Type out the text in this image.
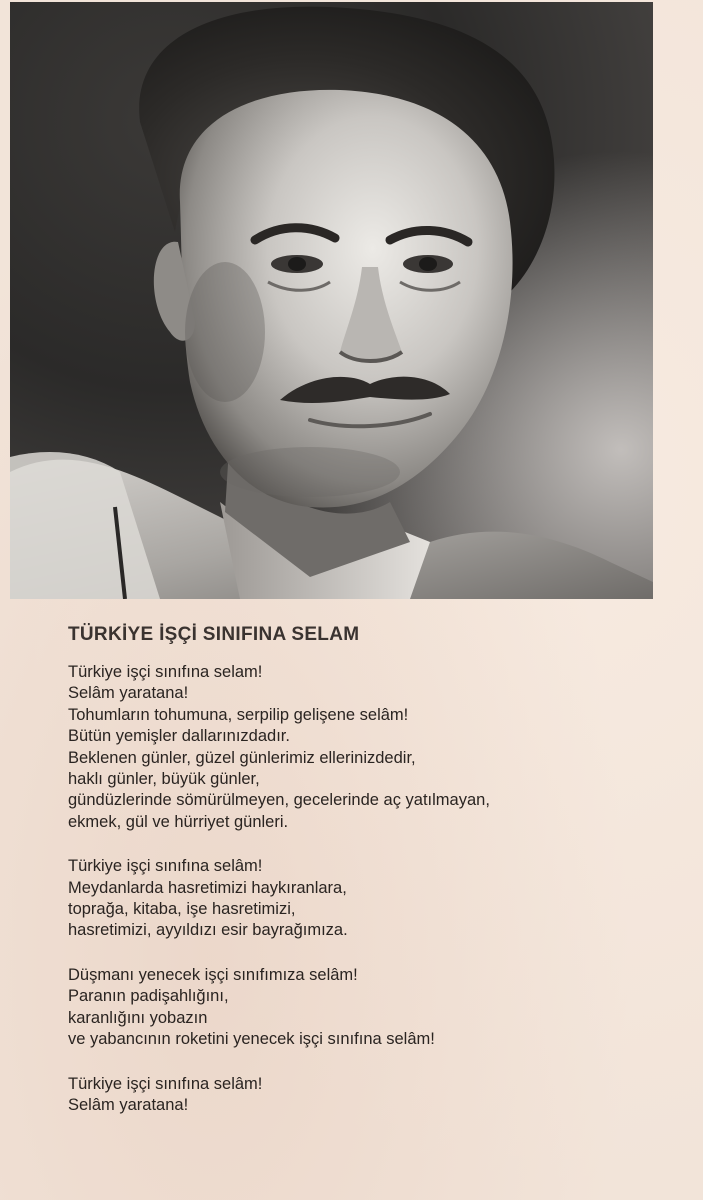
TÜRKİYE İŞÇİ SINIFINA SELAM
Türkiye işçi sınıfına selam!
Selâm yaratana!
Tohumların tohumuna, serpilip gelişene selâm!
Bütün yemişler dallarınızdadır.
Beklenen günler, güzel günlerimiz ellerinizdedir,
haklı günler, büyük günler,
gündüzlerinde sömürülmeyen, gecelerinde aç yatılmayan,
ekmek, gül ve hürriyet günleri.
Türkiye işçi sınıfına selâm!
Meydanlarda hasretimizi haykıranlara,
toprağa, kitaba, işe hasretimizi,
hasretimizi, ayyıldızı esir bayrağımıza.
Düşmanı yenecek işçi sınıfımıza selâm!
Paranın padişahlığını,
karanlığını yobazın
ve yabancının roketini yenecek işçi sınıfına selâm!
Türkiye işçi sınıfına selâm!
Selâm yaratana!
